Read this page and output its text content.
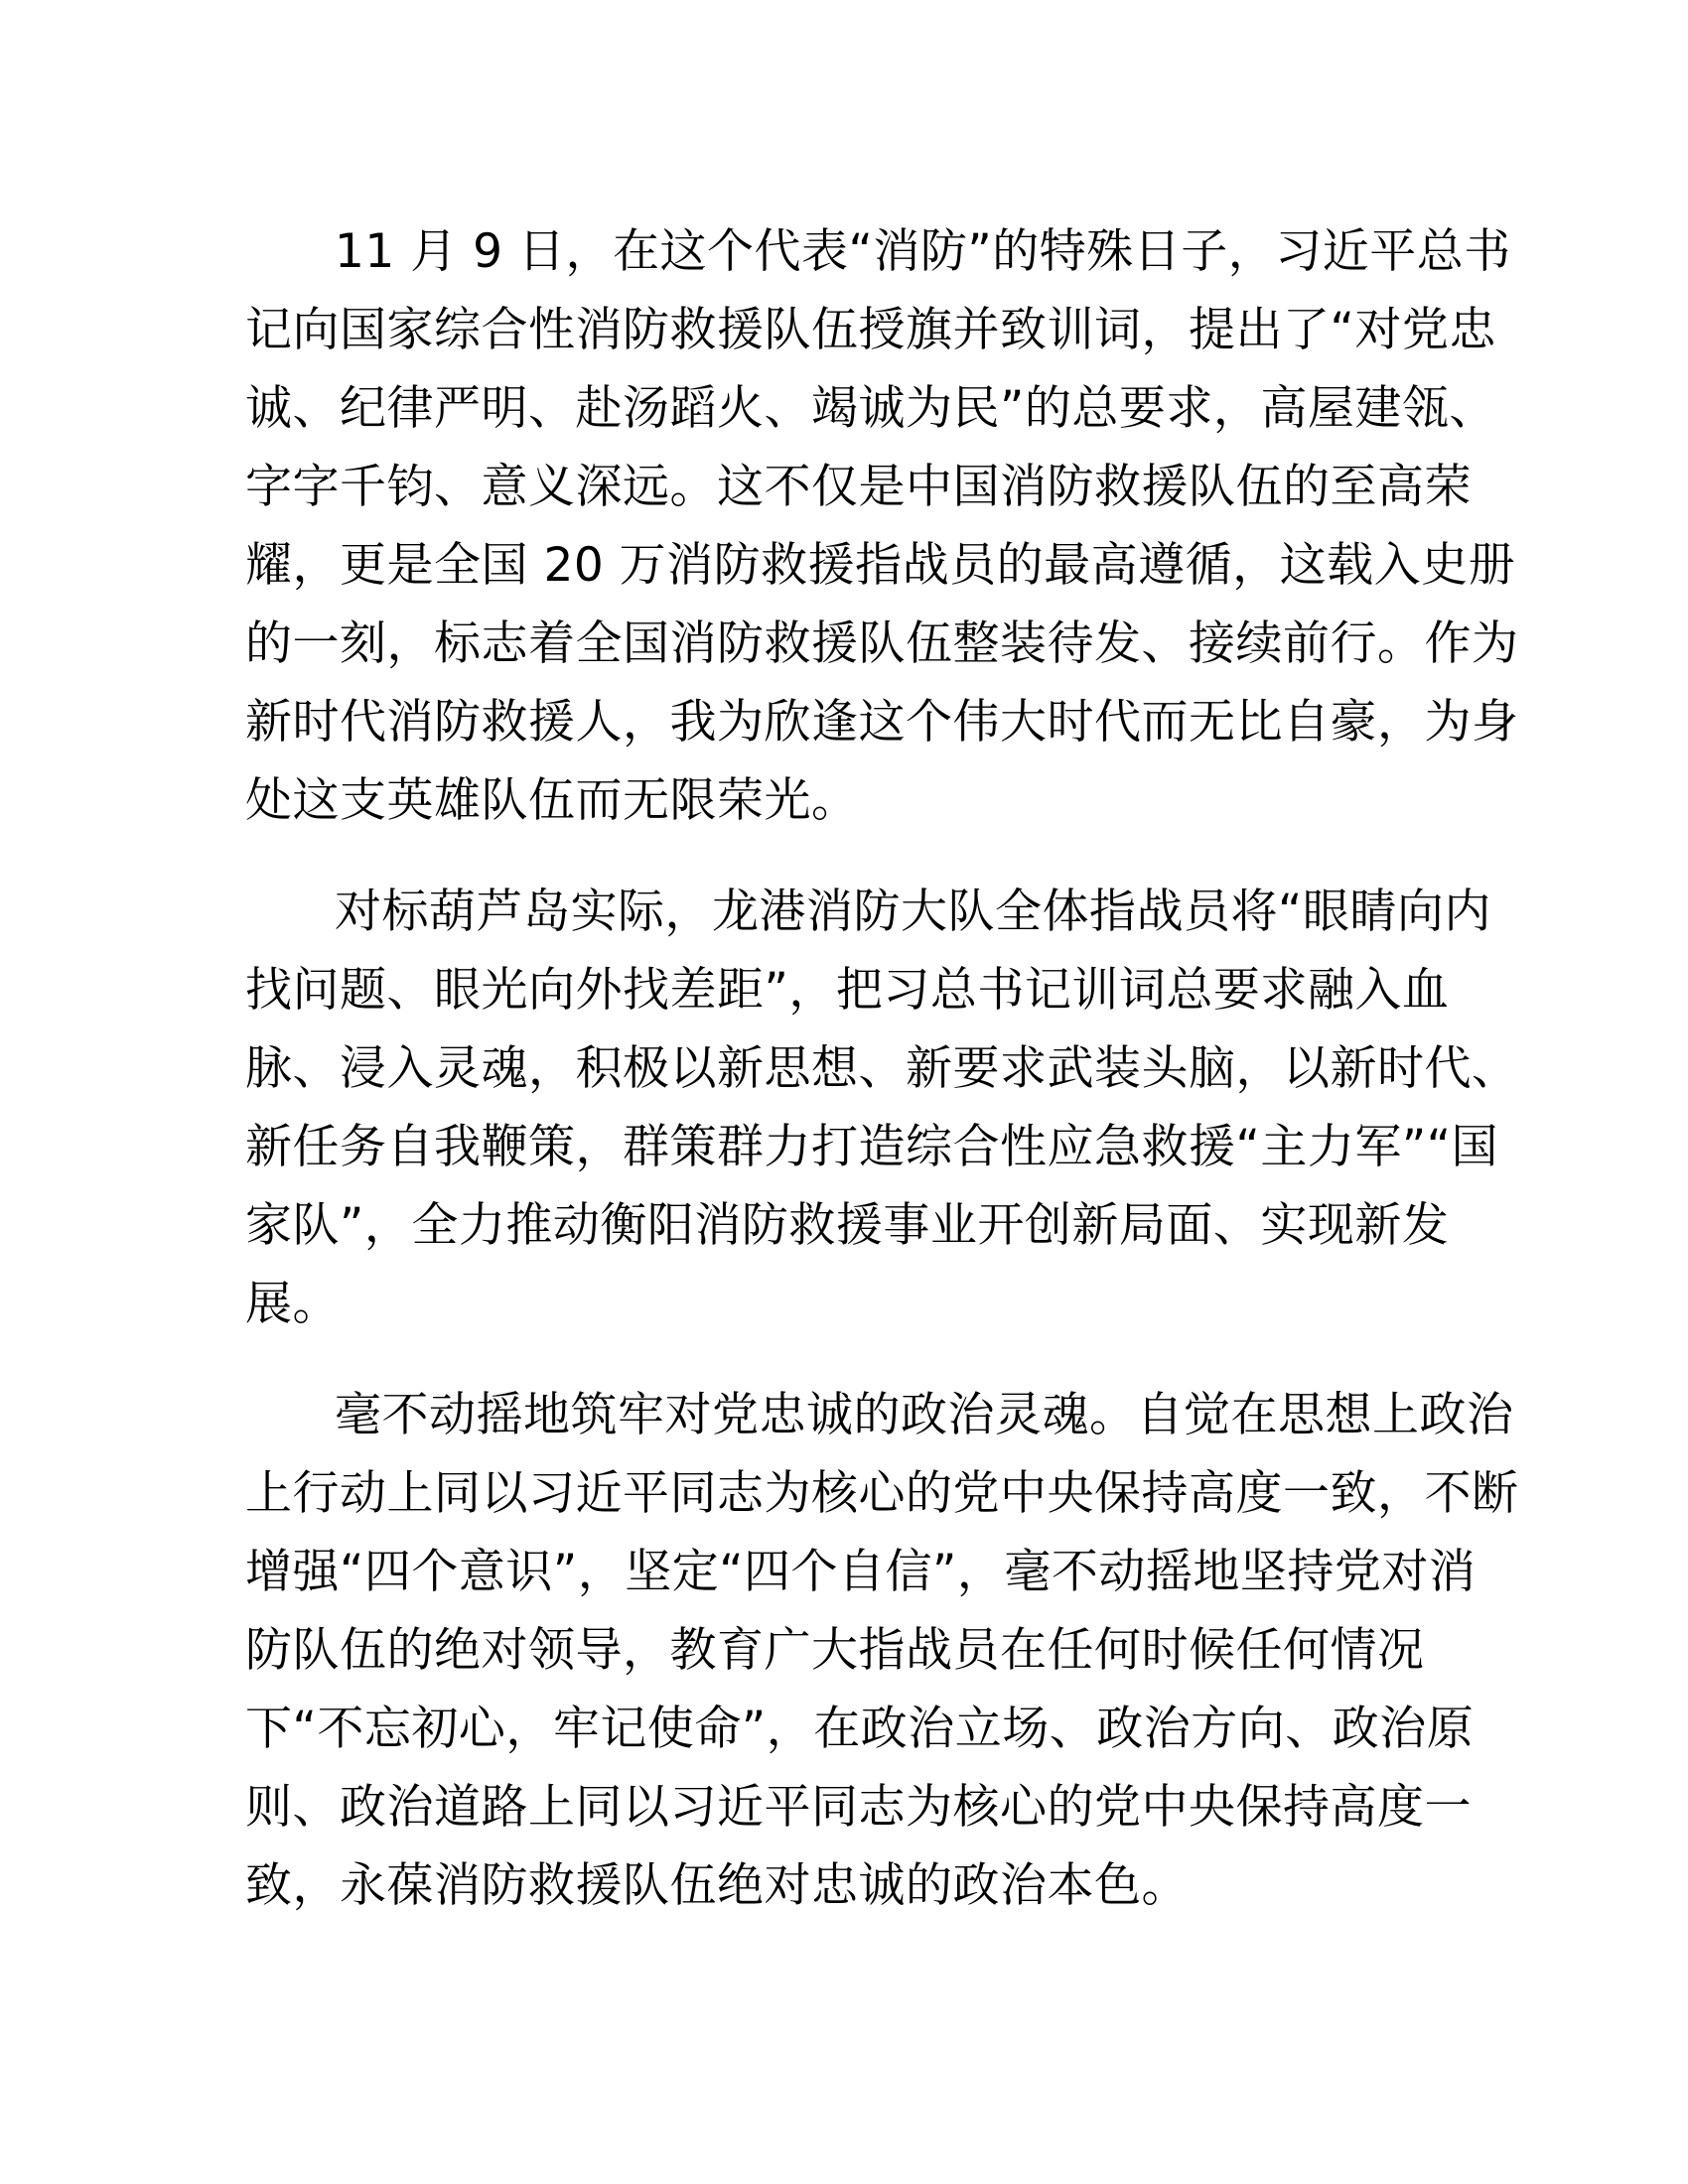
11 月 9 日，在这个代表“消防”的特殊日子，习近平总书
记向国家综合性消防救援队伍授旗并致训词，提出了“对党忠
诚、纪律严明、赴汤蹈火、竭诚为民”的总要求，高屋建瓴、
字字千钧、意义深远。这不仅是中国消防救援队伍的至高荣
耀，更是全国 20 万消防救援指战员的最高遵循，这载入史册
的一刻，标志着全国消防救援队伍整装待发、接续前行。作为
新时代消防救援人，我为欣逢这个伟大时代而无比自豪，为身
处这支英雄队伍而无限荣光。
对标葫芦岛实际，龙港消防大队全体指战员将“眼睛向内
找问题、眼光向外找差距”，把习总书记训词总要求融入血
脉、浸入灵魂，积极以新思想、新要求武装头脑，以新时代、
新任务自我鞭策，群策群力打造综合性应急救援“主力军”“国
家队”，全力推动衡阳消防救援事业开创新局面、实现新发
展。
毫不动摇地筑牢对党忠诚的政治灵魂。自觉在思想上政治
上行动上同以习近平同志为核心的党中央保持高度一致，不断
增强“四个意识”，坚定“四个自信”，毫不动摇地坚持党对消
防队伍的绝对领导，教育广大指战员在任何时候任何情况
下“不忘初心，牢记使命”，在政治立场、政治方向、政治原
则、政治道路上同以习近平同志为核心的党中央保持高度一
致，永葆消防救援队伍绝对忠诚的政治本色。
